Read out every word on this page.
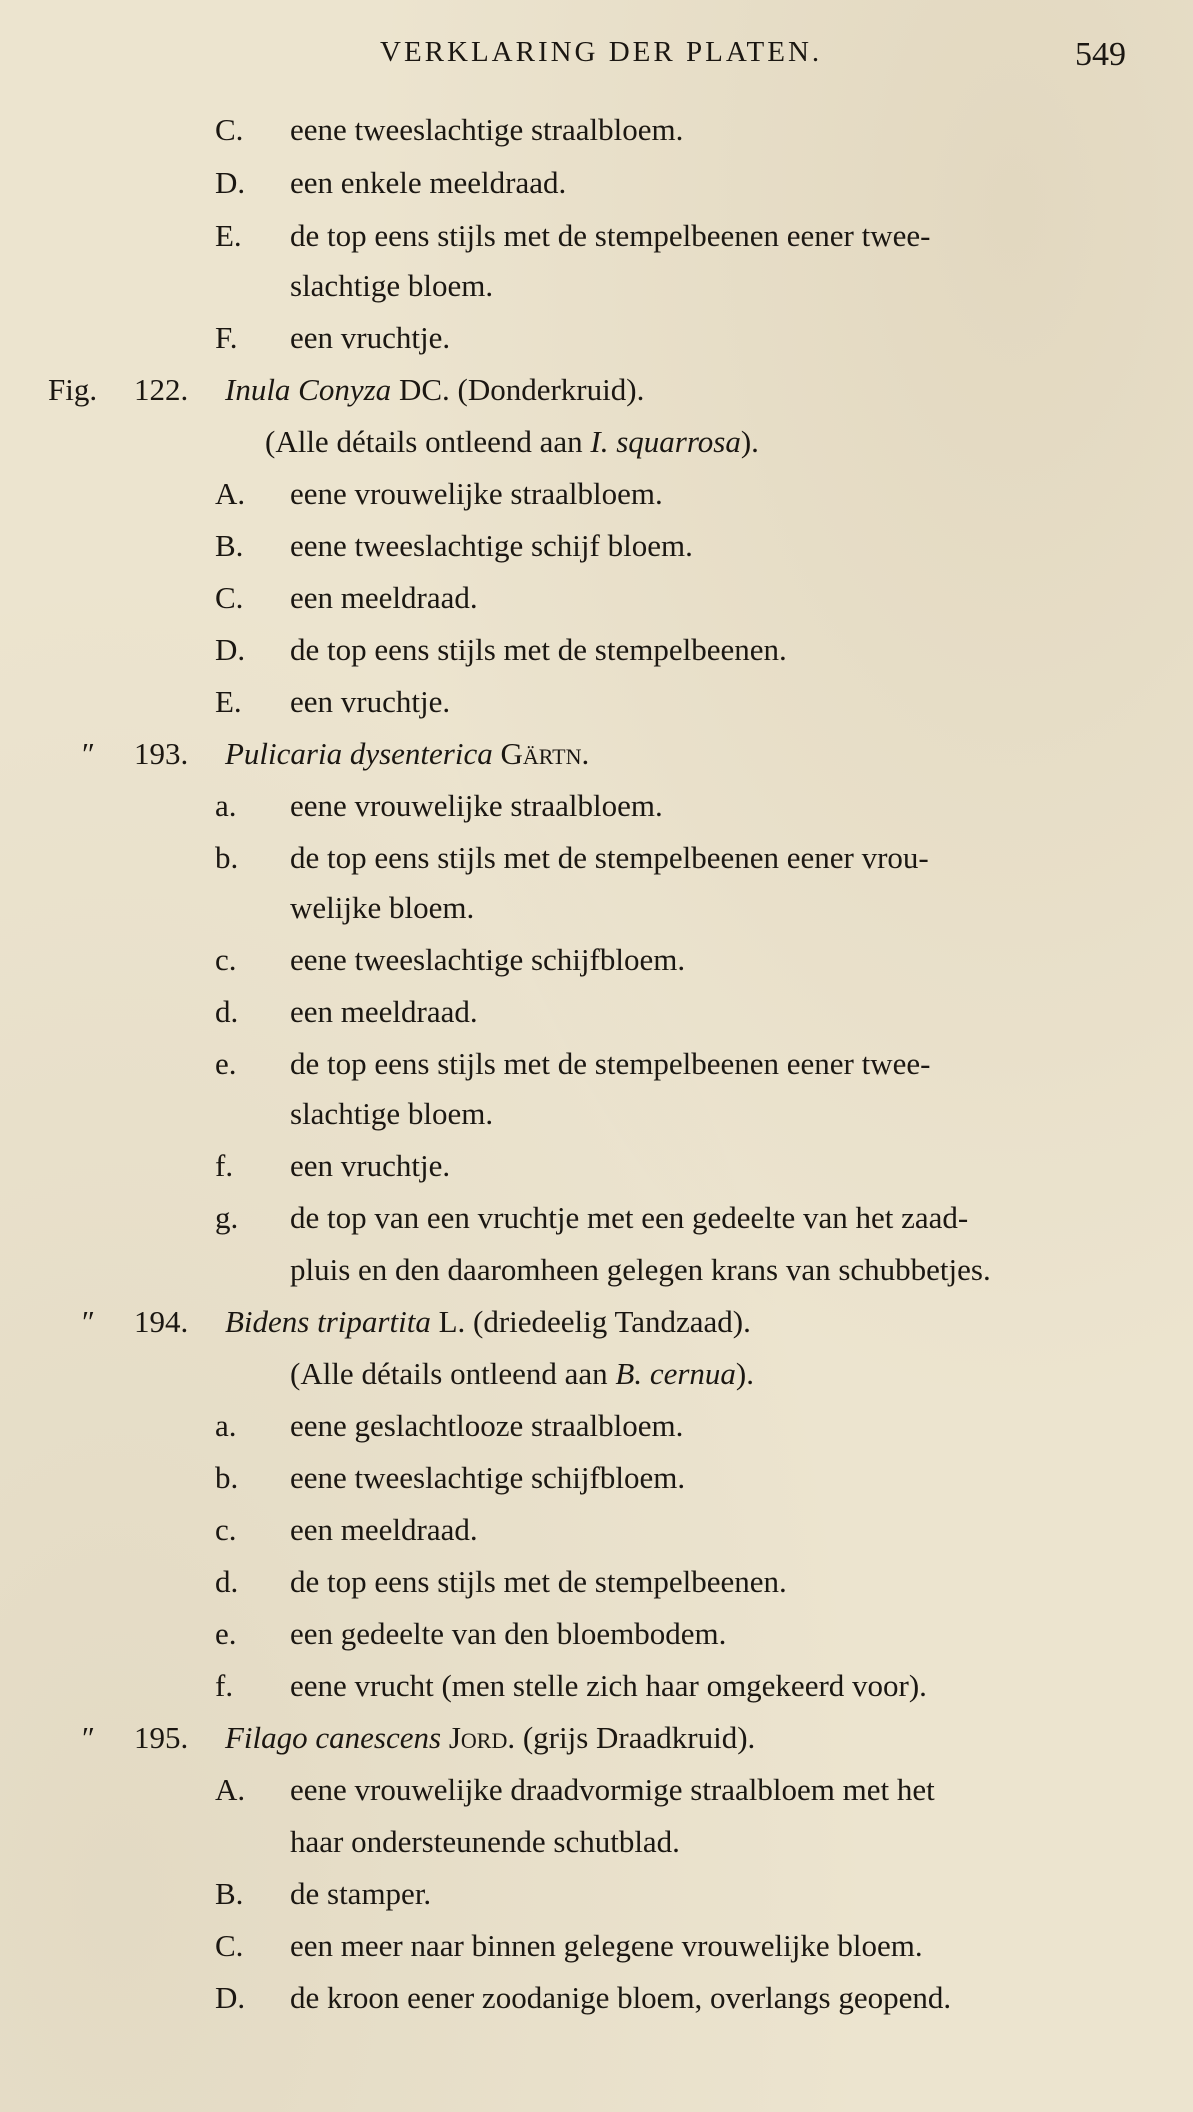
VERKLARING DER PLATEN.	549
C. eene tweeslachtige straalbloem.
D. een enkele meeldraad.
E. de top eens stijls met de stempelbeenen eener twee-
slachtige bloem.
F. een vruchtje.
Fig. 122. Inula Conyza DC. (Donderkruid).
(Alle détails ontleend aan I. squarrosa).
A. eene vrouwelijke straalbloem.
B. eene tweeslachtige schijf bloem.
C. een meeldraad.
D. de top eens stijls met de stempelbeenen.
E. een vruchtje.
″ 193. Pulicaria dysenterica Gärtn.
a. eene vrouwelijke straalbloem.
b. de top eens stijls met de stempelbeenen eener vrou-
welijke bloem.
c. eene tweeslachtige schijfbloem.
d. een meeldraad.
e. de top eens stijls met de stempelbeenen eener twee-
slachtige bloem.
f. een vruchtje.
g. de top van een vruchtje met een gedeelte van het zaad-
pluis en den daaromheen gelegen krans van schubbetjes.
″ 194. Bidens tripartita L. (driedeelig Tandzaad).
(Alle détails ontleend aan B. cernua).
a. eene geslachtlooze straalbloem.
b. eene tweeslachtige schijfbloem.
c. een meeldraad.
d. de top eens stijls met de stempelbeenen.
e. een gedeelte van den bloembodem.
f. eene vrucht (men stelle zich haar omgekeerd voor).
″ 195. Filago canescens Jord. (grijs Draadkruid).
A. eene vrouwelijke draadvormige straalbloem met het
haar ondersteunende schutblad.
B. de stamper.
C. een meer naar binnen gelegene vrouwelijke bloem.
D. de kroon eener zoodanige bloem, overlangs geopend.
